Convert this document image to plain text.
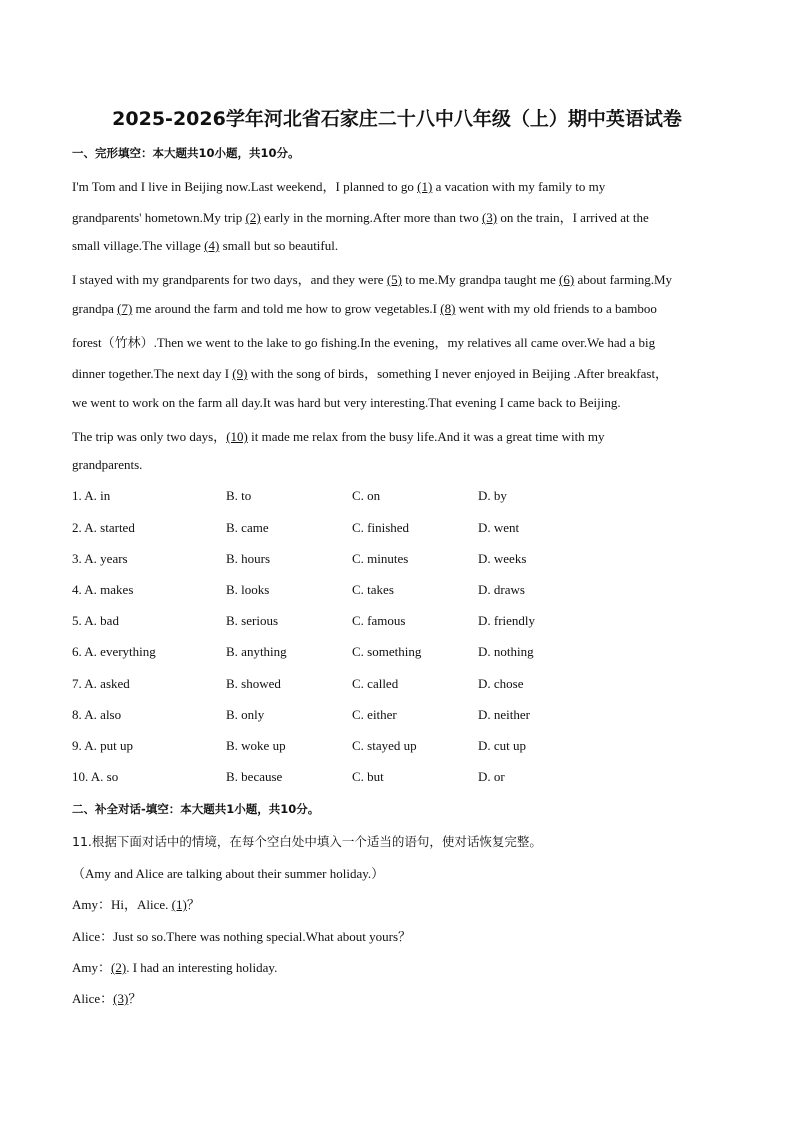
2025-2026学年河北省石家庄二十八中八年级（上）期中英语试卷
一、完形填空：本大题共10小题，共10分。
I'm Tom and I live in Beijing now.Last weekend，I planned to go (1) a vacation with my family to my
grandparents' hometown.My trip (2) early in the morning.After more than two (3) on the train，I arrived at the
small village.The village (4) small but so beautiful.
I stayed with my grandparents for two days，and they were (5) to me.My grandpa taught me (6) about farming.My
grandpa (7) me around the farm and told me how to grow vegetables.I (8) went with my old friends to a bamboo
forest（竹林）.Then we went to the lake to go fishing.In the evening，my relatives all came over.We had a big
dinner together.The next day I (9) with the song of birds，something I never enjoyed in Beijing .After breakfast，
we went to work on the farm all day.It was hard but very interesting.That evening I came back to Beijing.
The trip was only two days，(10) it made me relax from the busy life.And it was a great time with my
grandparents.
1. A. in	B. to	C. on	D. by
2. A. started	B. came	C. finished	D. went
3. A. years	B. hours	C. minutes	D. weeks
4. A. makes	B. looks	C. takes	D. draws
5. A. bad	B. serious	C. famous	D. friendly
6. A. everything	B. anything	C. something	D. nothing
7. A. asked	B. showed	C. called	D. chose
8. A. also	B. only	C. either	D. neither
9. A. put up	B. woke up	C. stayed up	D. cut up
10. A. so	B. because	C. but	D. or
二、补全对话-填空：本大题共1小题，共10分。
11.根据下面对话中的情境，在每个空白处中填入一个适当的语句，使对话恢复完整。
（Amy and Alice are talking about their summer holiday.）
Amy：Hi，Alice. (1)？
Alice：Just so so.There was nothing special.What about yours？
Amy：(2). I had an interesting holiday.
Alice：(3)？
